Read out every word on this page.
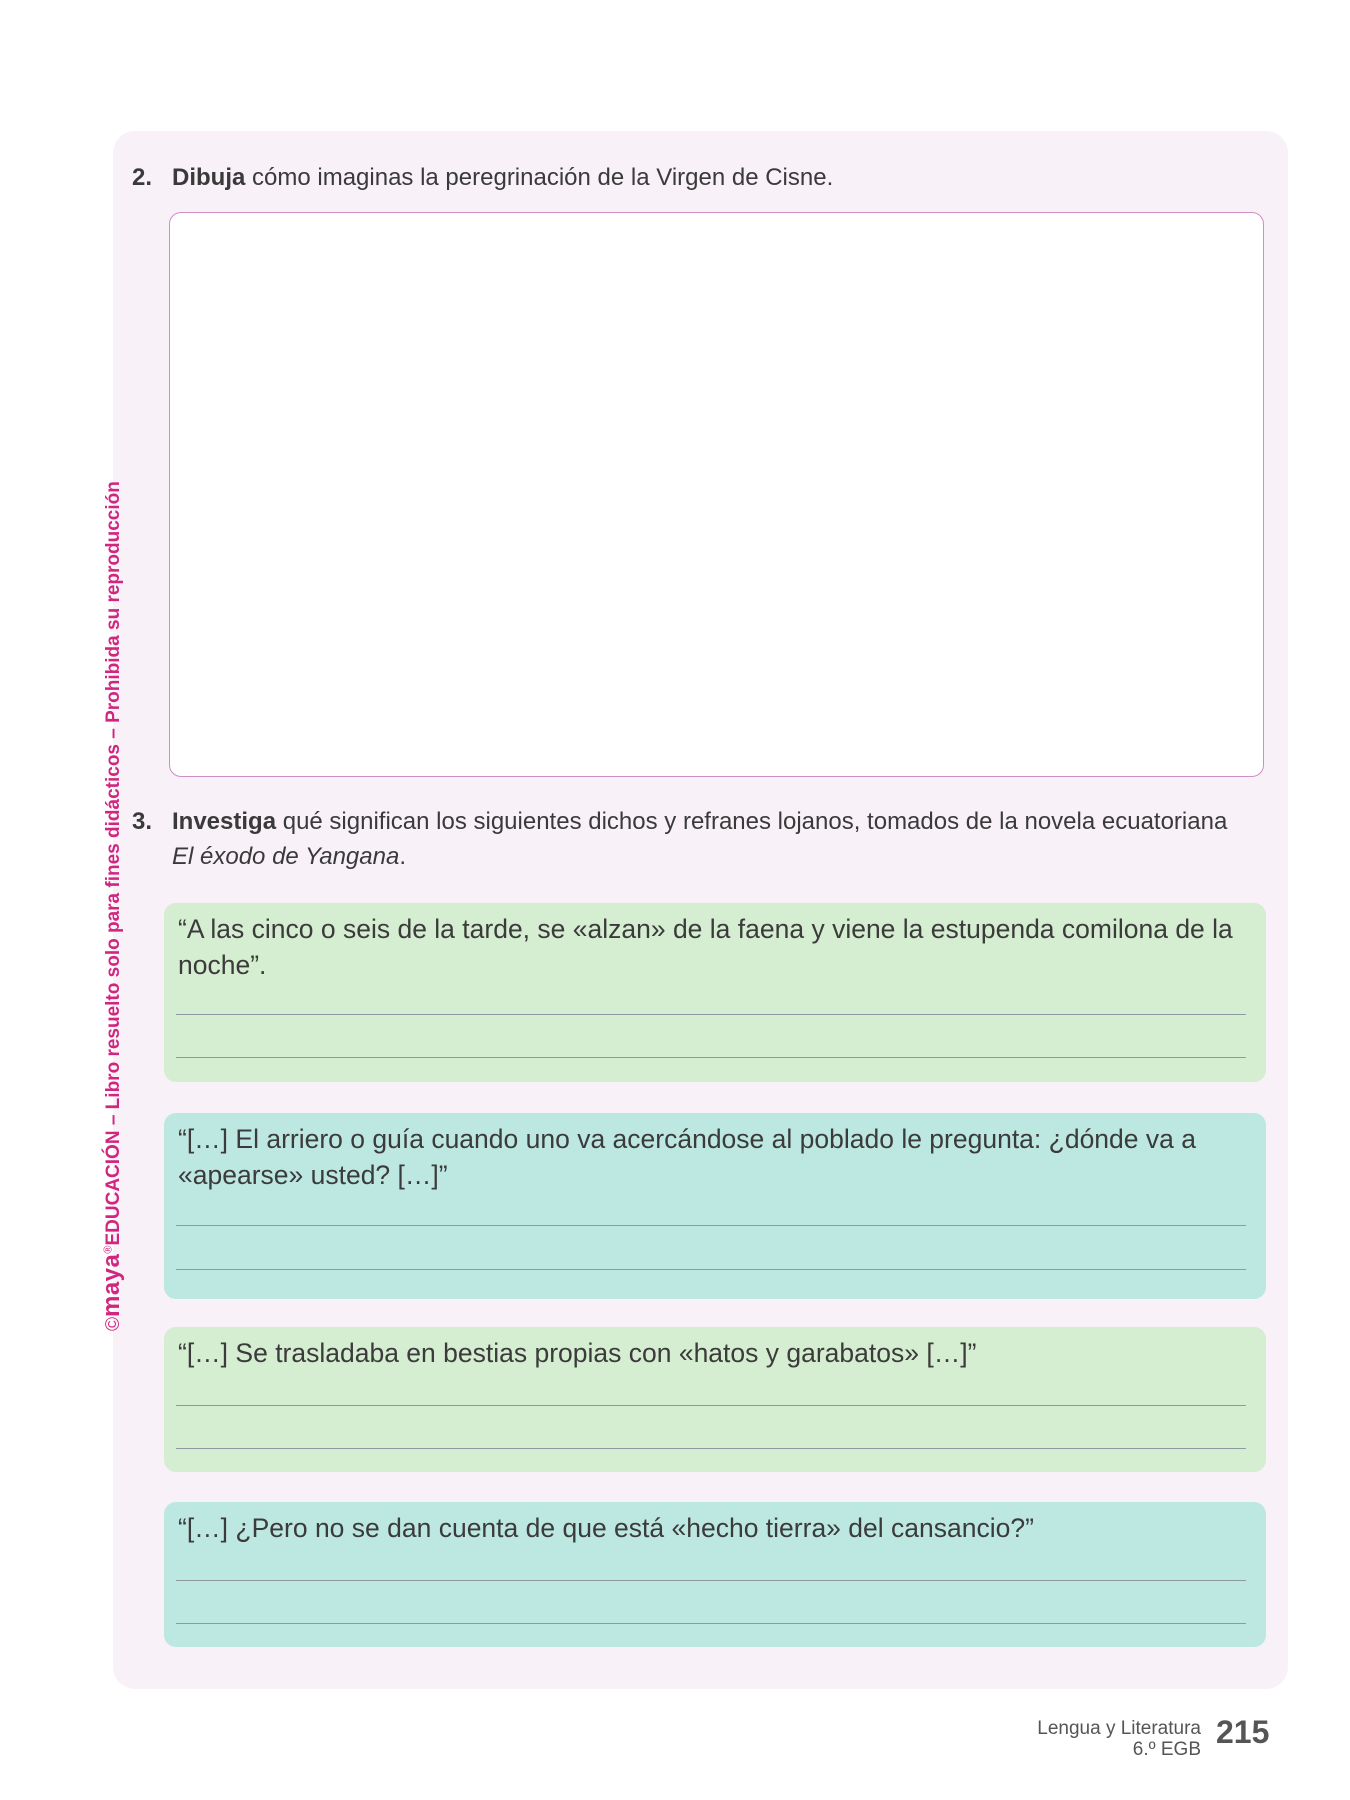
©maya®EDUCACIÓN – Libro resuelto solo para fines didácticos – Prohibida su reproducción
2. Dibuja cómo imaginas la peregrinación de la Virgen de Cisne.
3. Investiga qué significan los siguientes dichos y refranes lojanos, tomados de la novela ecuatoriana
El éxodo de Yangana.
“A las cinco o seis de la tarde, se «alzan» de la faena y viene la estupenda comilona de la noche”.
“[…] El arriero o guía cuando uno va acercándose al poblado le pregunta: ¿dónde va a «apearse» usted? […]”
“[…] Se trasladaba en bestias propias con «hatos y garabatos» […]”
“[…] ¿Pero no se dan cuenta de que está «hecho tierra» del cansancio?”
Lengua y Literatura
6.º EGB 215
